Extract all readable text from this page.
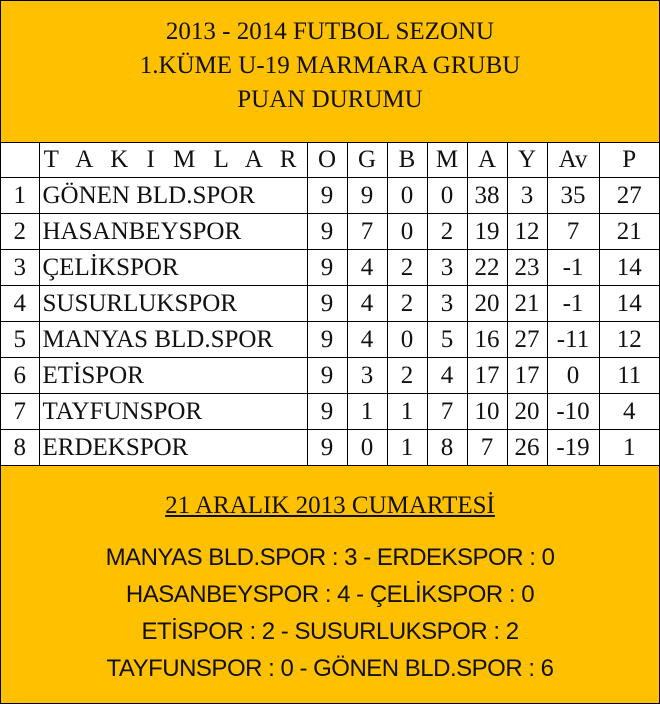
2013 - 2014 FUTBOL SEZONU
1.KÜME U-19 MARMARA GRUBU
PUAN DURUMU
	T A K I M L A R	O	G	B	M	A	Y	Av	P
1	GÖNEN BLD.SPOR	9	9	0	0	38	3	35	27
2	HASANBEYSPOR	9	7	0	2	19	12	7	21
3	ÇELİKSPOR	9	4	2	3	22	23	-1	14
4	SUSURLUKSPOR	9	4	2	3	20	21	-1	14
5	MANYAS BLD.SPOR	9	4	0	5	16	27	-11	12
6	ETİSPOR	9	3	2	4	17	17	0	11
7	TAYFUNSPOR	9	1	1	7	10	20	-10	4
8	ERDEKSPOR	9	0	1	8	7	26	-19	1
21 ARALIK 2013 CUMARTESİ
MANYAS BLD.SPOR : 3 - ERDEKSPOR : 0
HASANBEYSPOR : 4 - ÇELİKSPOR : 0
ETİSPOR : 2 - SUSURLUKSPOR : 2
TAYFUNSPOR : 0 - GÖNEN BLD.SPOR : 6
